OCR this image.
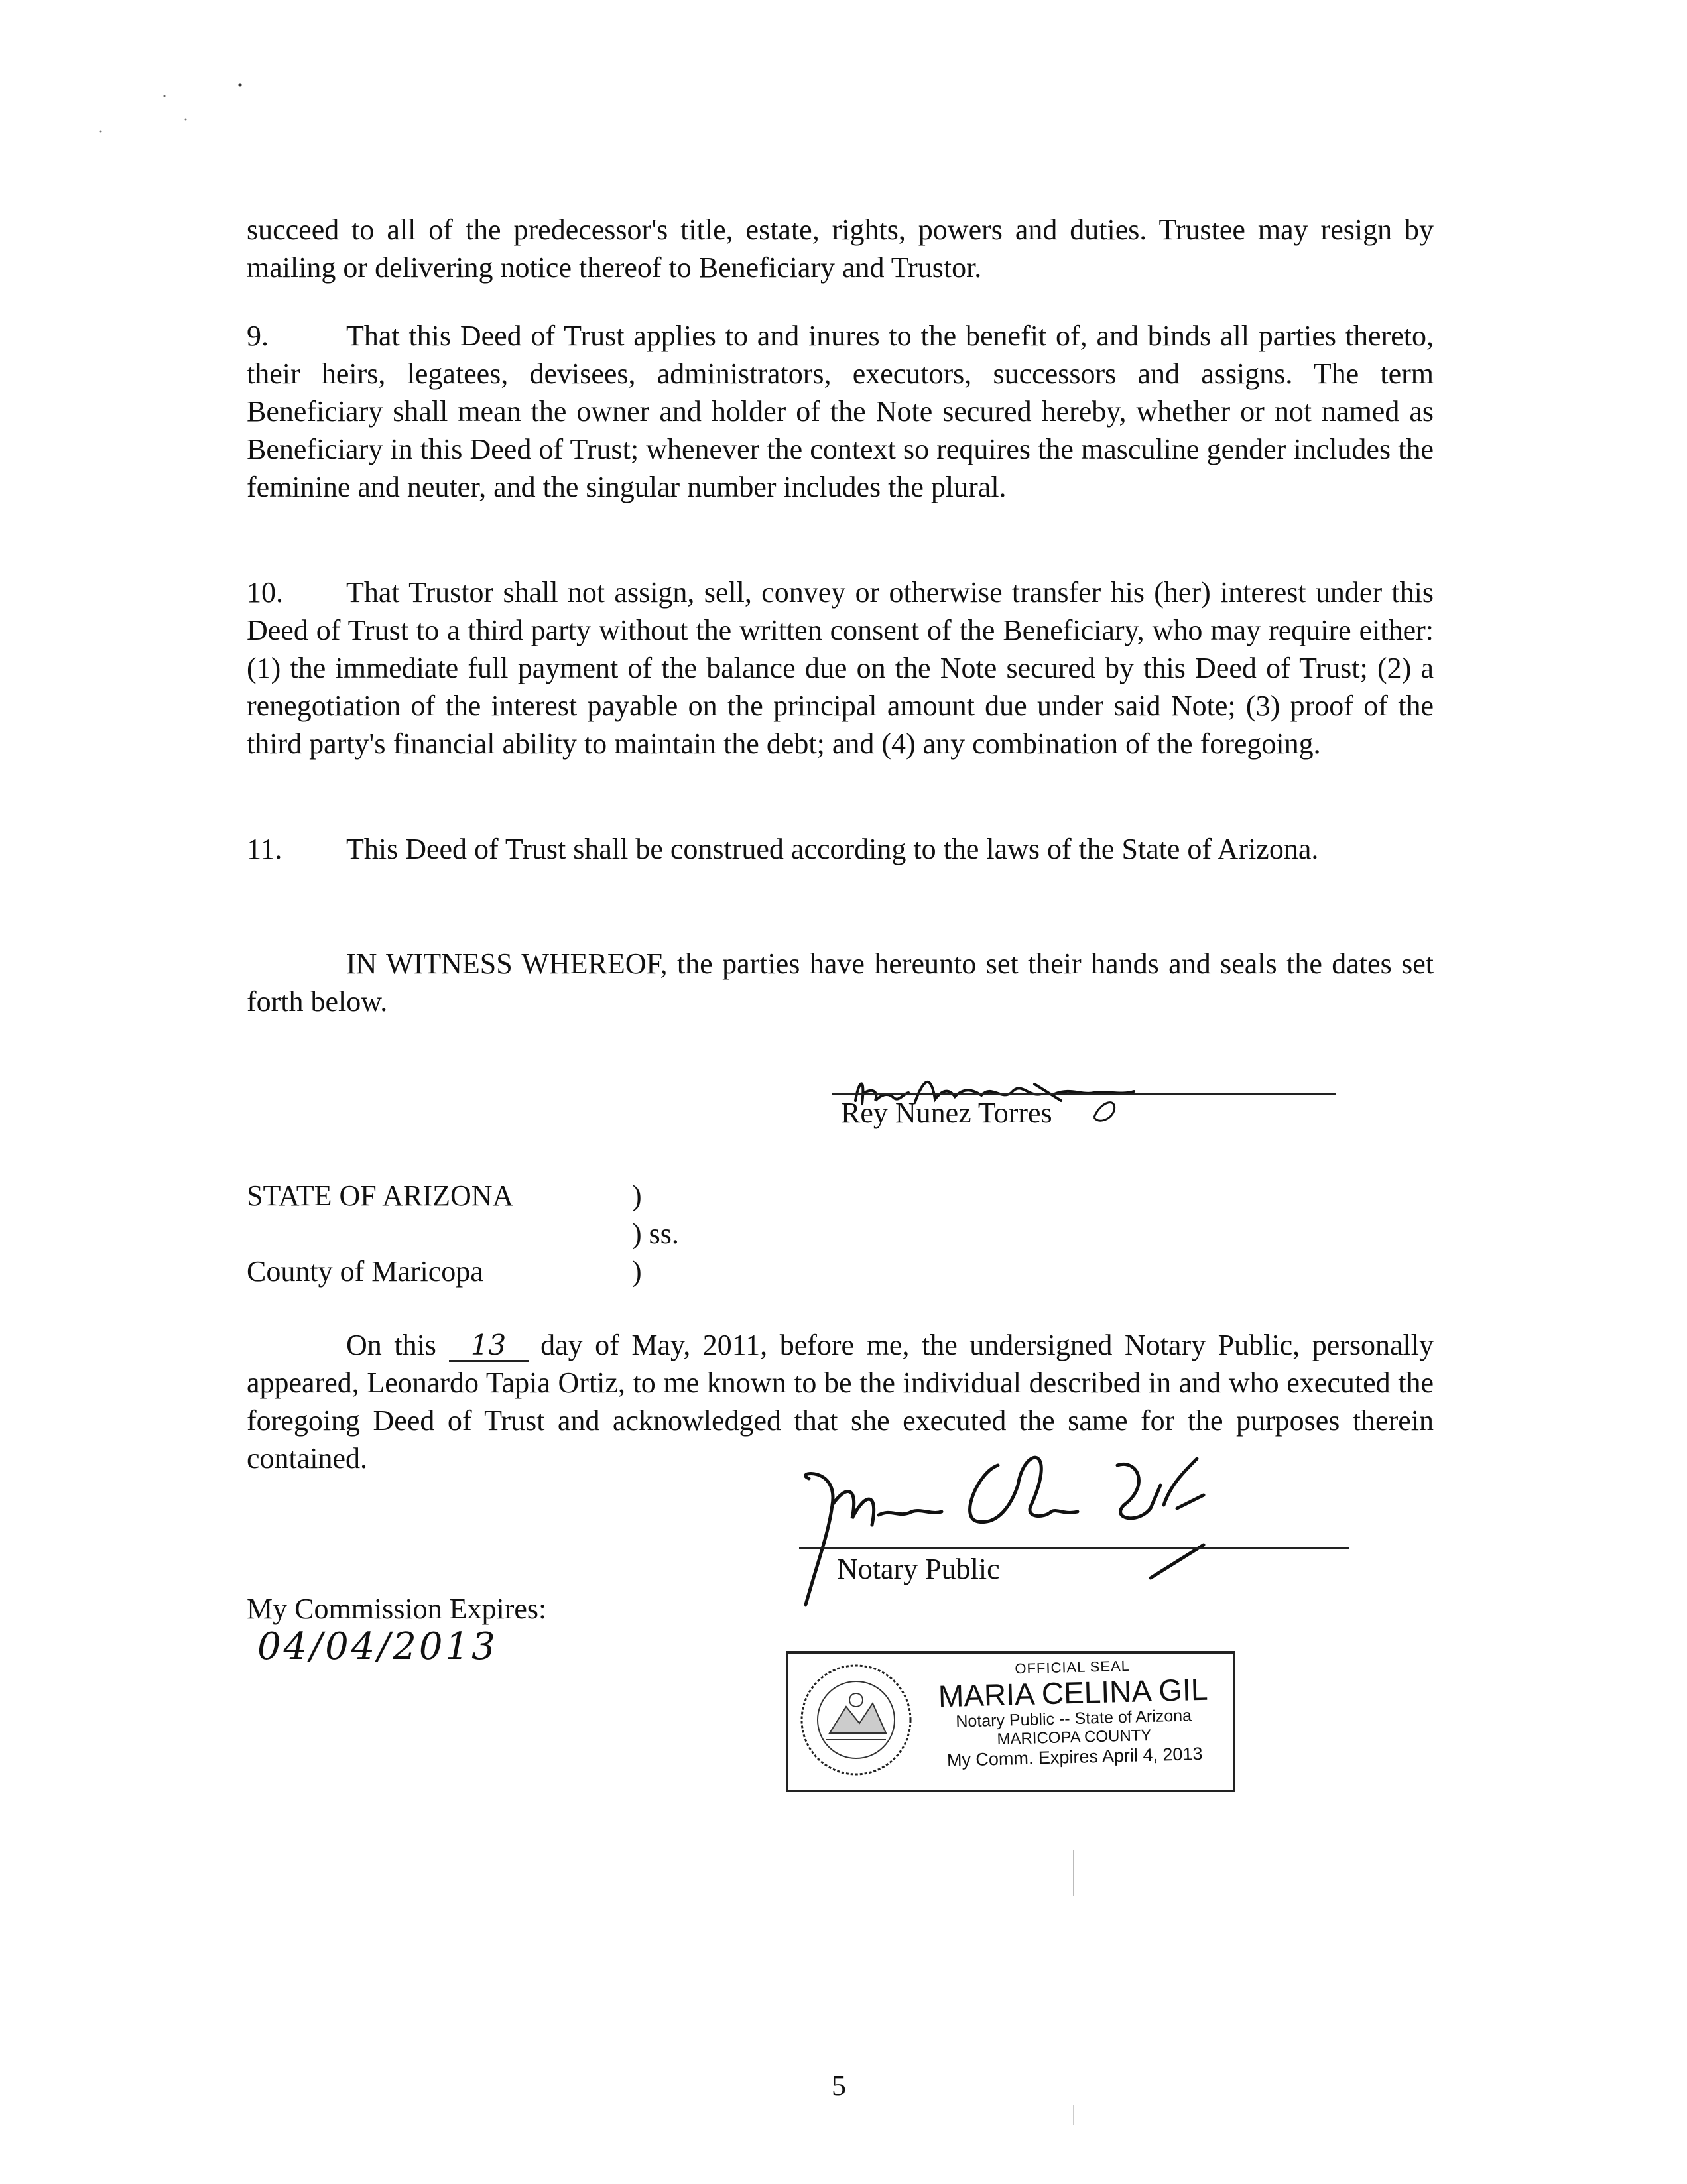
succeed to all of the predecessor's title, estate, rights, powers and duties. Trustee may resign by mailing or delivering notice thereof to Beneficiary and Trustor.

9.	That this Deed of Trust applies to and inures to the benefit of, and binds all parties thereto, their heirs, legatees, devisees, administrators, executors, successors and assigns. The term Beneficiary shall mean the owner and holder of the Note secured hereby, whether or not named as Beneficiary in this Deed of Trust; whenever the context so requires the masculine gender includes the feminine and neuter, and the singular number includes the plural.

10. That Trustor shall not assign, sell, convey or otherwise transfer his (her) interest under this Deed of Trust to a third party without the written consent of the Beneficiary, who may require either: (1) the immediate full payment of the balance due on the Note secured by this Deed of Trust; (2) a renegotiation of the interest payable on the principal amount due under said Note; (3) proof of the third party's financial ability to maintain the debt; and (4) any combination of the foregoing.

11. This Deed of Trust shall be construed according to the laws of the State of Arizona.

IN WITNESS WHEREOF, the parties have hereunto set their hands and seals the dates set forth below.

Rey Nunez Torres
STATE OF ARIZONA	)
) ss.
County of Maricopa	)

On this 13 day of May, 2011, before me, the undersigned Notary Public, personally appeared, Leonardo Tapia Ortiz, to me known to be the individual described in and who executed the foregoing Deed of Trust and acknowledged that she executed the same for the purposes therein contained.

Notary Public
My Commission Expires:
04/04/2013	OFFICIAL SEAL
MARIA CELINA GIL
Notary Public -- State of Arizona
MARICOPA COUNTY
My Comm. Expires April 4, 2013
5
